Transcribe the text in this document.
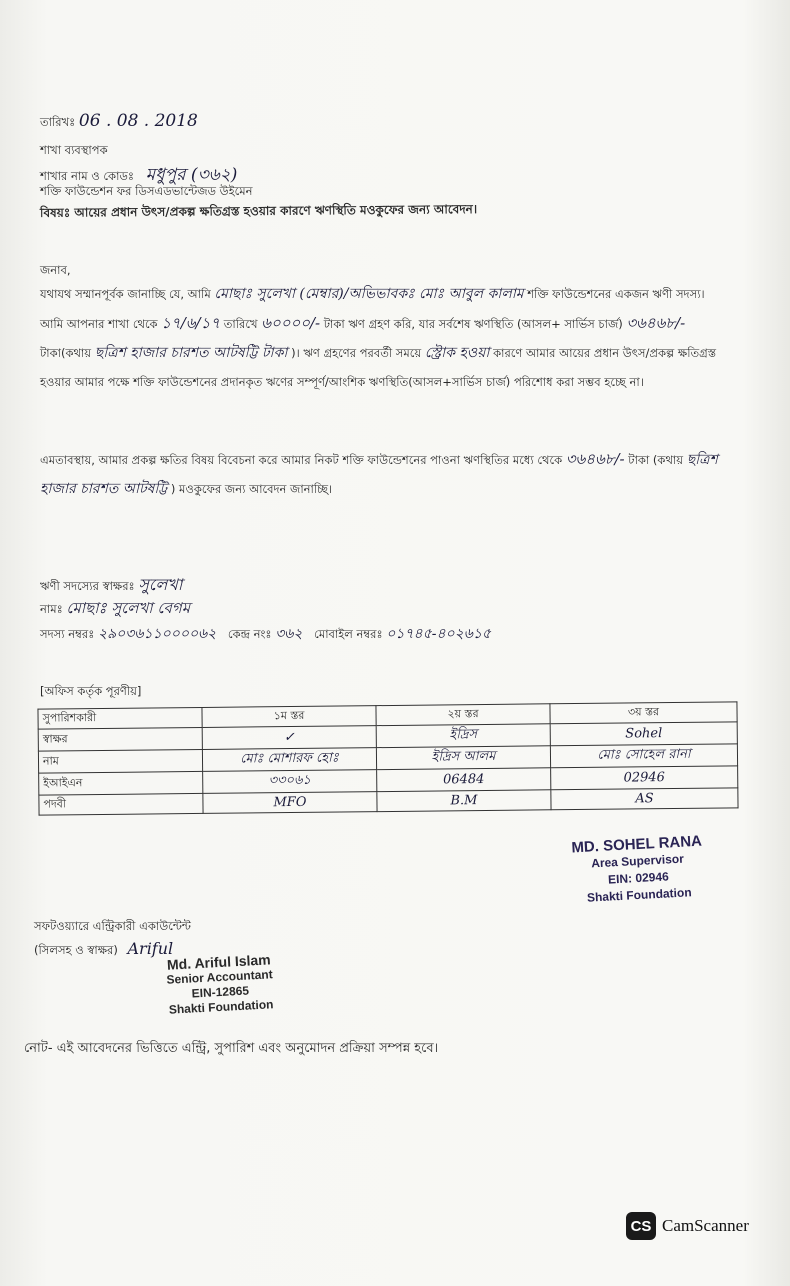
তারিখঃ 06 . 08 . 2018
শাখা ব্যবস্থাপক
শাখার নাম ও কোডঃ মধুপুর (৩৬২)
শক্তি ফাউন্ডেশন ফর ডিসএডভান্টেজড উইমেন
বিষয়ঃ আয়ের প্রধান উৎস/প্রকল্প ক্ষতিগ্রস্ত হওয়ার কারণে ঋণস্থিতি মওকুফের জন্য আবেদন।
জনাব,
যথাযথ সম্মানপূর্বক জানাচ্ছি যে, আমি মোছাঃ সুলেখা (মেম্বার)/অভিভাবকঃ মোঃ আবুল কালাম শক্তি ফাউন্ডেশনের একজন ঋণী সদস্য। আমি আপনার শাখা থেকে ১৭/৬/১৭ তারিখে ৬০০০০/- টাকা ঋণ গ্রহণ করি, যার সর্বশেষ ঋণস্থিতি (আসল+ সার্ভিস চার্জ) ৩৬৪৬৮/- টাকা(কথায় ছত্রিশ হাজার চারশত আটষট্টি টাকা )। ঋণ গ্রহণের পরবর্তী সময়ে স্ট্রোক হওয়া কারণে আমার আয়ের প্রধান উৎস/প্রকল্প ক্ষতিগ্রস্ত হওয়ার আমার পক্ষে শক্তি ফাউন্ডেশনের প্রদানকৃত ঋণের সম্পূর্ণ/আংশিক ঋণস্থিতি(আসল+সার্ভিস চার্জ) পরিশোধ করা সম্ভব হচ্ছে না।
এমতাবস্থায়, আমার প্রকল্প ক্ষতির বিষয় বিবেচনা করে আমার নিকট শক্তি ফাউন্ডেশনের পাওনা ঋণস্থিতির মধ্যে থেকে ৩৬৪৬৮/- টাকা (কথায় ছত্রিশ হাজার চারশত আটষট্টি ) মওকুফের জন্য আবেদন জানাচ্ছি।
ঋণী সদস্যের স্বাক্ষরঃ সুলেখা
নামঃ মোছাঃ সুলেখা বেগম
সদস্য নম্বরঃ ২৯০৩৬১১০০০০৬২ কেন্দ্র নংঃ ৩৬২ মোবাইল নম্বরঃ ০১৭৪৫-৪০২৬১৫
[অফিস কর্তৃক পূরণীয়]
সুপারিশকারী	১ম স্তর	২য় স্তর	৩য় স্তর
স্বাক্ষর	✓	ইদ্রিস	Sohel
নাম	মোঃ মোশারফ হোঃ	ইদ্রিস আলম	মোঃ সোহেল রানা
ইআইএন	৩৩০৬১	06484	02946
পদবী	MFO	B.M	AS
MD. SOHEL RANA
Area Supervisor
EIN: 02946
Shakti Foundation
সফটওয়্যারে এন্ট্রিকারী একাউন্টেন্ট
(সিলসহ ও স্বাক্ষর) Ariful
Md. Ariful Islam
Senior Accountant
EIN-12865
Shakti Foundation
নোট- এই আবেদনের ভিত্তিতে এন্ট্রি, সুপারিশ এবং অনুমোদন প্রক্রিয়া সম্পন্ন হবে।
CS CamScanner
